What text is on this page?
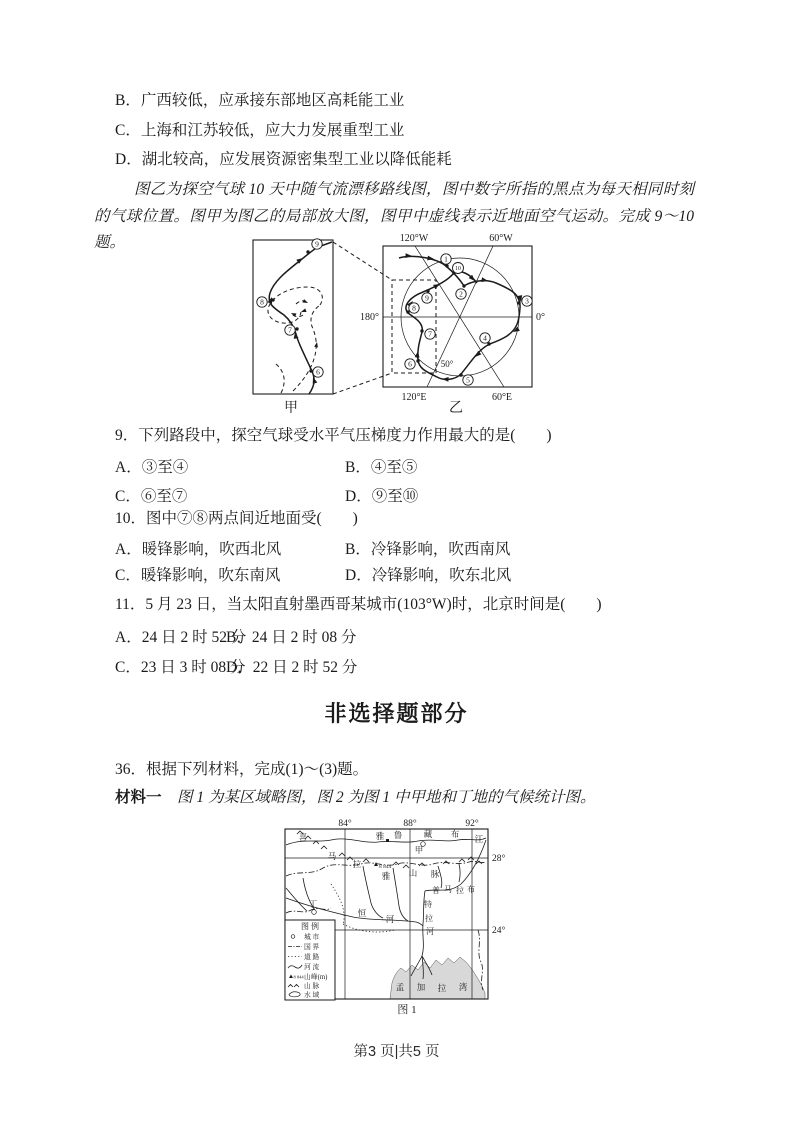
B．广西较低，应承接东部地区高耗能工业
C．上海和江苏较低，应大力发展重型工业
D．湖北较高，应发展资源密集型工业以降低能耗
图乙为探空气球 10 天中随气流漂移路线图，图中数字所指的黑点为每天相同时刻的气球位置。图甲为图乙的局部放大图，图甲中虚线表示近地面空气运动。完成 9～10 题。
6
7
8
9
1
2
3
4
5
6
7
8
9
10
120°W	60°W
180°	0°
120°E	60°E
50°
甲	乙
9．下列路段中，探空气球受水平气压梯度力作用最大的是(　　)
A．③至④	B．④至⑤
C．⑥至⑦	D．⑨至⑩
10．图中⑦⑧两点间近地面受(　　)
A．暖锋影响，吹西北风	B．冷锋影响，吹西南风
C．暖锋影响，吹东南风	D．冷锋影响，吹东北风
11．5 月 23 日，当太阳直射墨西哥某城市(103°W)时，北京时间是(　　)
A．24 日 2 时 52 分
B．24 日 2 时 08 分
C．23 日 3 时 08 分
D．22 日 2 时 52 分
非选择题部分
36．根据下列材料，完成(1)～(3)题。
材料一　 图 1 为某区域略图，图 2 为图 1 中甲地和丁地的气候统计图。
84°	88°	92°
28°
24°
8 844
甲
丁
雅 鲁	藏 布 江
喜
马
拉
雅 山 脉
恒
河
普 马 拉 布
特
拉
河
孟 加 拉 湾
图 例
城 市
国 界
道 路
河 流
8 844 山峰(m)
山 脉
水 域
图 1
第3 页|共5 页
